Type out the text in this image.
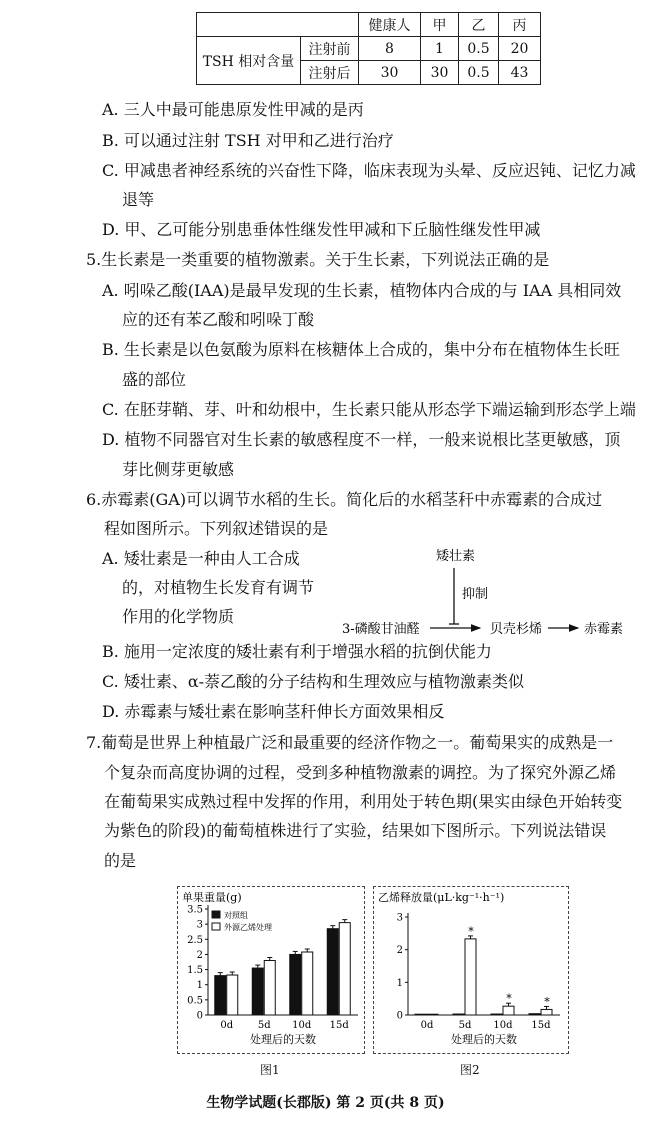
		健康人	甲	乙	丙
TSH 相对含量	注射前	8	1	0.5	20
	注射后	30	30	0.5	43
A. 三人中最可能患原发性甲减的是丙
B. 可以通过注射 TSH 对甲和乙进行治疗
C. 甲减患者神经系统的兴奋性下降，临床表现为头晕、反应迟钝、记忆力减
退等
D. 甲、乙可能分别患垂体性继发性甲减和下丘脑性继发性甲减
5.生长素是一类重要的植物激素。关于生长素，下列说法正确的是
A. 吲哚乙酸(IAA)是最早发现的生长素，植物体内合成的与 IAA 具相同效
应的还有苯乙酸和吲哚丁酸
B. 生长素是以色氨酸为原料在核糖体上合成的，集中分布在植物体生长旺
盛的部位
C. 在胚芽鞘、芽、叶和幼根中，生长素只能从形态学下端运输到形态学上端
D. 植物不同器官对生长素的敏感程度不一样，一般来说根比茎更敏感，顶
芽比侧芽更敏感
6.赤霉素(GA)可以调节水稻的生长。简化后的水稻茎秆中赤霉素的合成过
程如图所示。下列叙述错误的是
A. 矮壮素是一种由人工合成
的，对植物生长发育有调节
作用的化学物质
矮壮素
抑制
3-磷酸甘油醛	贝壳杉烯	赤霉素
B. 施用一定浓度的矮壮素有利于增强水稻的抗倒伏能力
C. 矮壮素、α-萘乙酸的分子结构和生理效应与植物激素类似
D. 赤霉素与矮壮素在影响茎秆伸长方面效果相反
7.葡萄是世界上种植最广泛和最重要的经济作物之一。葡萄果实的成熟是一
个复杂而高度协调的过程，受到多种植物激素的调控。为了探究外源乙烯
在葡萄果实成熟过程中发挥的作用，利用处于转色期(果实由绿色开始转变
为紫色的阶段)的葡萄植株进行了实验，结果如下图所示。下列说法错误
的是
单果重量(g)
0
0.5
1
1.5
2
2.5
3
3.5
0d 5d 10d 15d
处理后的天数
对照组
外源乙烯处理
图1
乙烯释放量(μL·kg⁻¹·h⁻¹)
0
1
2
3
0d	5d
*
10d
*
15d
*
处理后的天数
图2
生物学试题(长郡版) 第 2 页(共 8 页)
